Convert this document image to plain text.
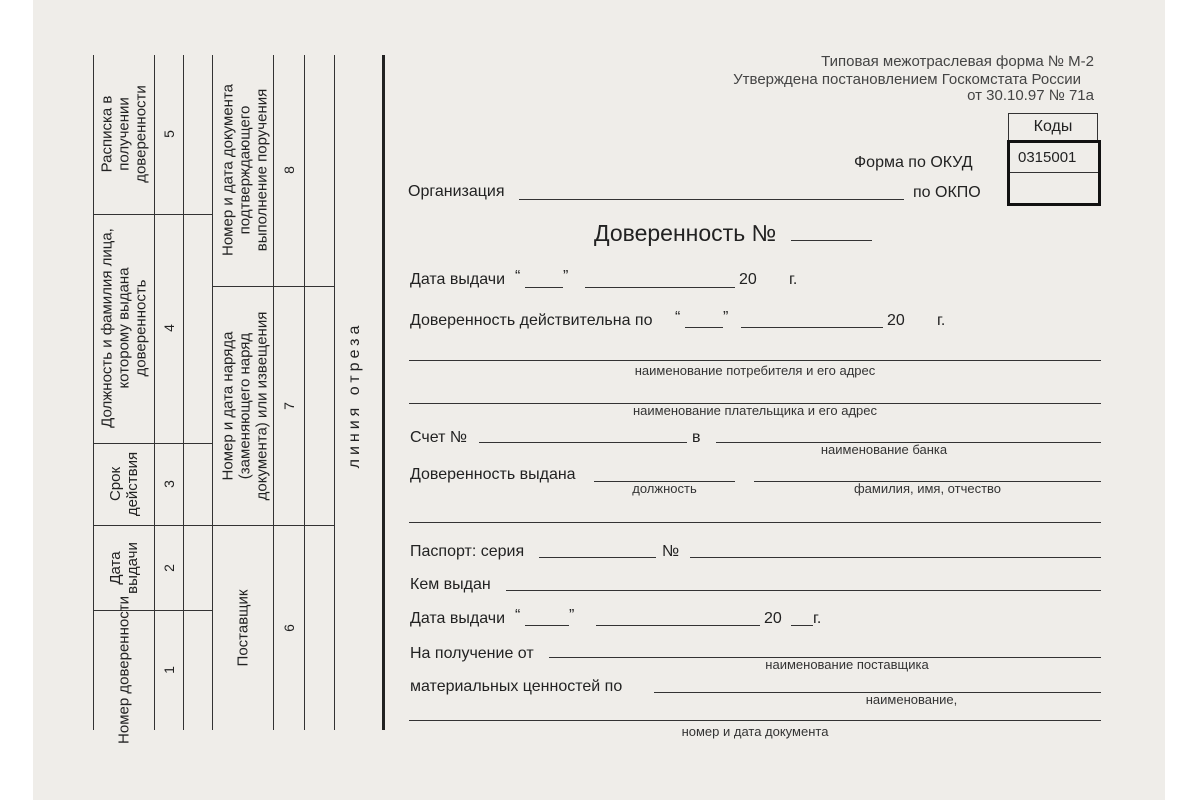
Номер доверенности 1
Дата выдачи 2
Срок действия 3
Должность и фамилия лица, которому выдана доверенность 4
Расписка в получении доверенности 5
Поставщик 6
Номер и дата наряда (заменяющего наряд документа) или извещения 7
Номер и дата документа подтверждающего выполнение поручения 8
линия отреза
Типовая межотраслевая форма № М-2
Утверждена постановлением Госкомстата России
от 30.10.97 № 71а
Коды
0315001
Форма по ОКУД
по ОКПО
Организация
Доверенность №
Дата выдачи “	”	20 г.
Доверенность действительна по “	”	20 г.
наименование потребителя и его адрес
наименование плательщика и его адрес
Счет №	в
наименование банка
Доверенность выдана
должность	фамилия, имя, отчество
Паспорт: серия	№
Кем выдан
Дата выдачи “	”	20 г.
На получение от
наименование поставщика
материальных ценностей по
наименование,
номер и дата документа
